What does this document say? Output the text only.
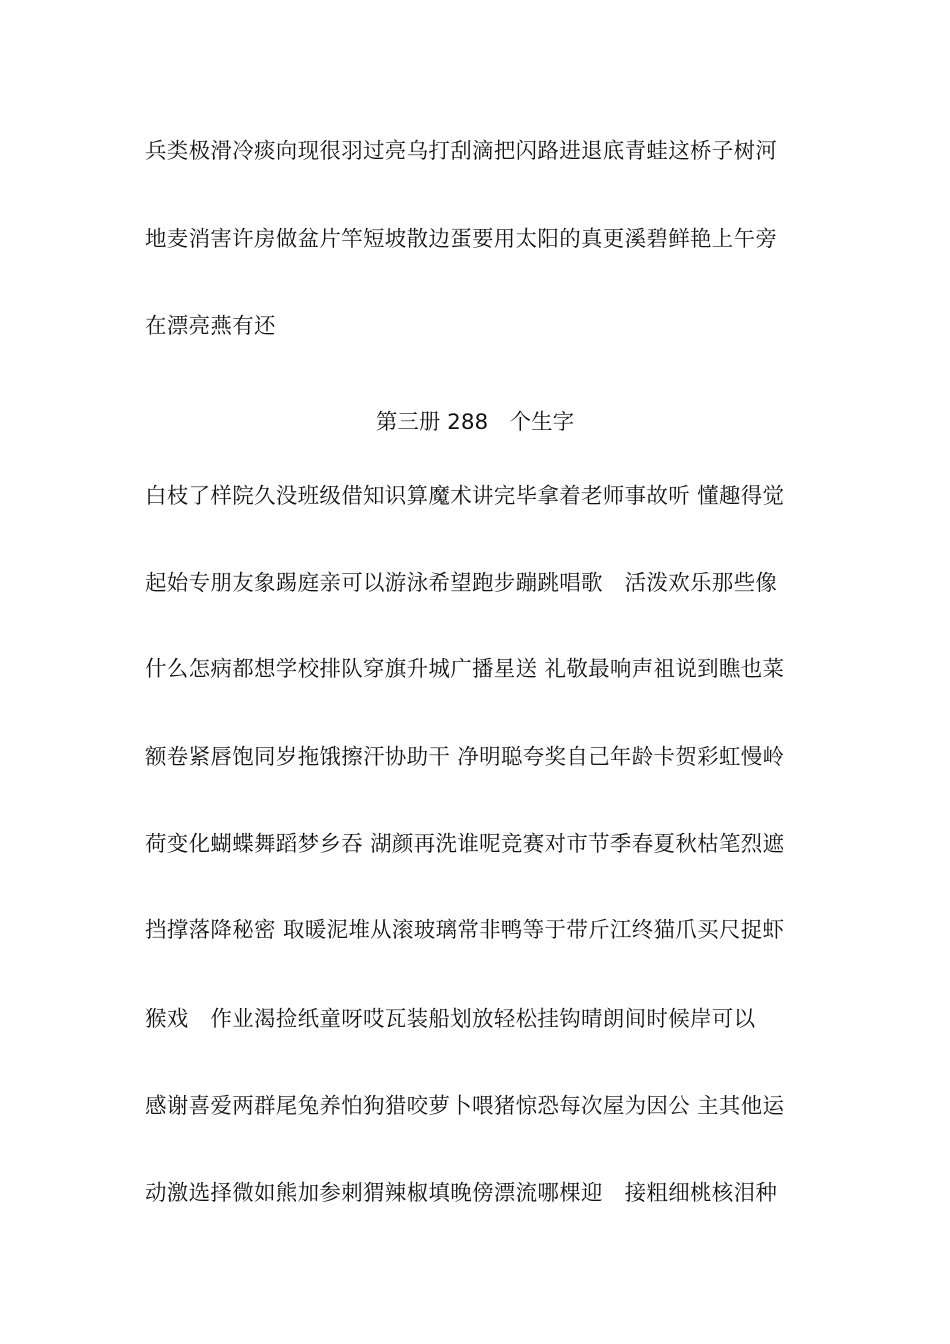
兵类极滑冷痰向现很羽过亮乌打刮滴把闪路进退底青蛙这桥子树河
地麦消害许房做盆片竿短坡散边蛋要用太阳的真更溪碧鲜艳上午旁
在漂亮燕有还
第三册 288　个生字
白枝了样院久没班级借知识算魔术讲完毕拿着老师事故听 懂趣得觉
起始专朋友象踢庭亲可以游泳希望跑步蹦跳唱歌　活泼欢乐那些像
什么怎病都想学校排队穿旗升城广播星送 礼敬最响声祖说到瞧也菜
额卷紧唇饱同岁拖饿擦汗协助干 净明聪夸奖自己年龄卡贺彩虹慢岭
荷变化蝴蝶舞蹈梦乡吞 湖颜再洗谁呢竞赛对市节季春夏秋枯笔烈遮
挡撑落降秘密 取暖泥堆从滚玻璃常非鸭等于带斤江终猫爪买尺捉虾
猴戏　作业渴捡纸童呀哎瓦装船划放轻松挂钩晴朗间时候岸可以
感谢喜爱两群尾兔养怕狗猎咬萝卜喂猪惊恐每次屋为因公 主其他运
动激选择微如熊加参刺猬辣椒填晚傍漂流哪棵迎　接粗细桃核泪种
